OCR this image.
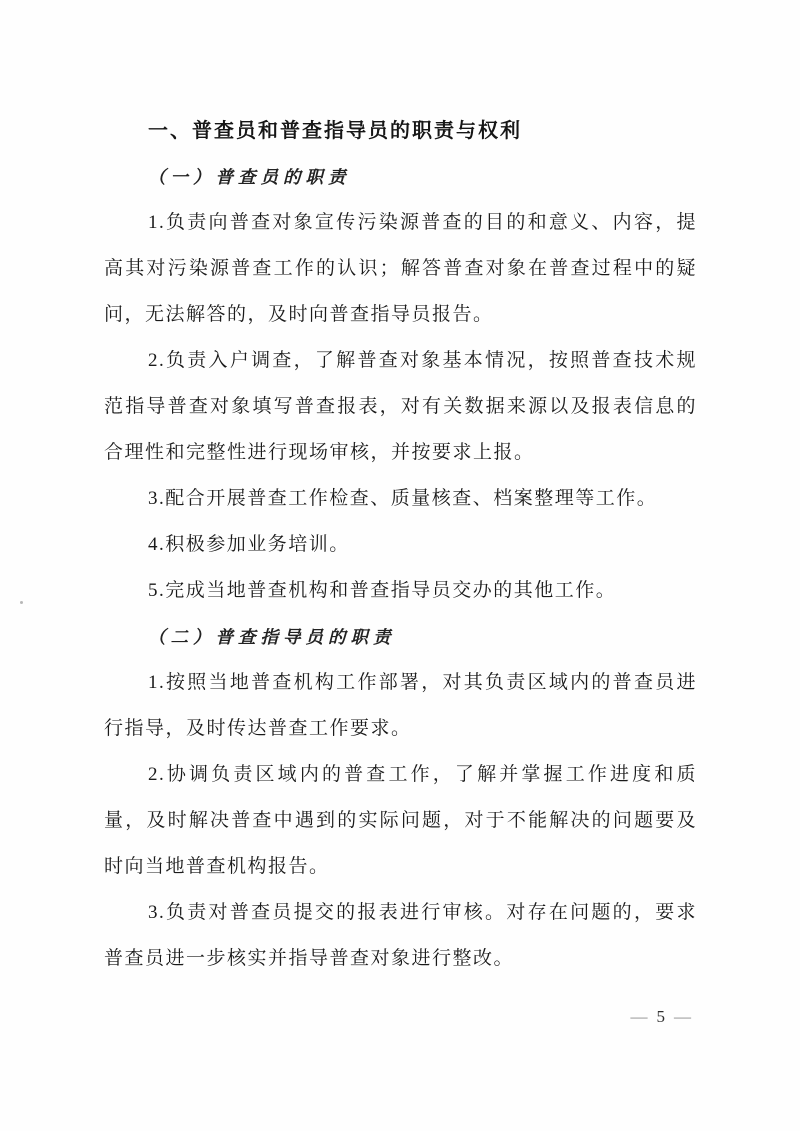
一、普查员和普查指导员的职责与权利
（一）普查员的职责

1.负责向普查对象宣传污染源普查的目的和意义、内容，提高其对污染源普查工作的认识；解答普查对象在普查过程中的疑问，无法解答的，及时向普查指导员报告。

2.负责入户调查，了解普查对象基本情况，按照普查技术规范指导普查对象填写普查报表，对有关数据来源以及报表信息的合理性和完整性进行现场审核，并按要求上报。

3.配合开展普查工作检查、质量核查、档案整理等工作。

4.积极参加业务培训。

5.完成当地普查机构和普查指导员交办的其他工作。

（二）普查指导员的职责

1.按照当地普查机构工作部署，对其负责区域内的普查员进行指导，及时传达普查工作要求。

2.协调负责区域内的普查工作，了解并掌握工作进度和质量，及时解决普查中遇到的实际问题，对于不能解决的问题要及时向当地普查机构报告。

3.负责对普查员提交的报表进行审核。对存在问题的，要求普查员进一步核实并指导普查对象进行整改。

— 5 —
